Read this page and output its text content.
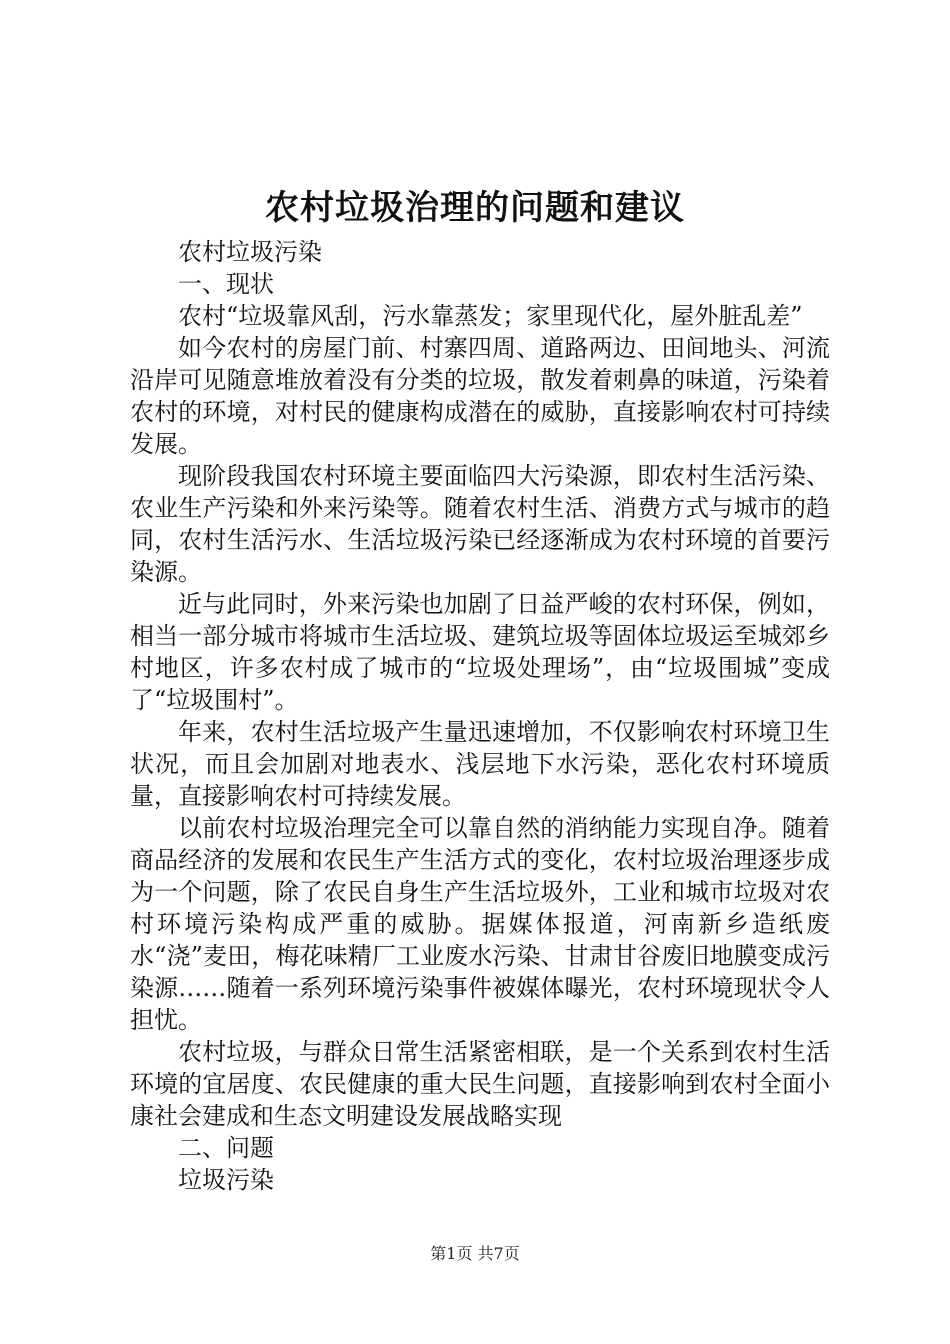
农村垃圾治理的问题和建议

农村垃圾污染

一、现状

农村“垃圾靠风刮，污水靠蒸发；家里现代化，屋外脏乱差”

如今农村的房屋门前、村寨四周、道路两边、田间地头、河流沿岸可见随意堆放着没有分类的垃圾，散发着刺鼻的味道，污染着农村的环境，对村民的健康构成潜在的威胁，直接影响农村可持续发展。

现阶段我国农村环境主要面临四大污染源，即农村生活污染、农业生产污染和外来污染等。随着农村生活、消费方式与城市的趋同，农村生活污水、生活垃圾污染已经逐渐成为农村环境的首要污染源。

近与此同时，外来污染也加剧了日益严峻的农村环保，例如，相当一部分城市将城市生活垃圾、建筑垃圾等固体垃圾运至城郊乡村地区，许多农村成了城市的“垃圾处理场”，由“垃圾围城”变成了“垃圾围村”。

年来，农村生活垃圾产生量迅速增加，不仅影响农村环境卫生状况，而且会加剧对地表水、浅层地下水污染，恶化农村环境质量，直接影响农村可持续发展。

以前农村垃圾治理完全可以靠自然的消纳能力实现自净。随着商品经济的发展和农民生产生活方式的变化，农村垃圾治理逐步成为一个问题，除了农民自身生产生活垃圾外，工业和城市垃圾对农村环境污染构成严重的威胁。据媒体报道，河南新乡造纸废水“浇”麦田，梅花味精厂工业废水污染、甘肃甘谷废旧地膜变成污染源……随着一系列环境污染事件被媒体曝光，农村环境现状令人担忧。

农村垃圾，与群众日常生活紧密相联，是一个关系到农村生活环境的宜居度、农民健康的重大民生问题，直接影响到农村全面小康社会建成和生态文明建设发展战略实现

二、问题

垃圾污染

第1页 共7页
